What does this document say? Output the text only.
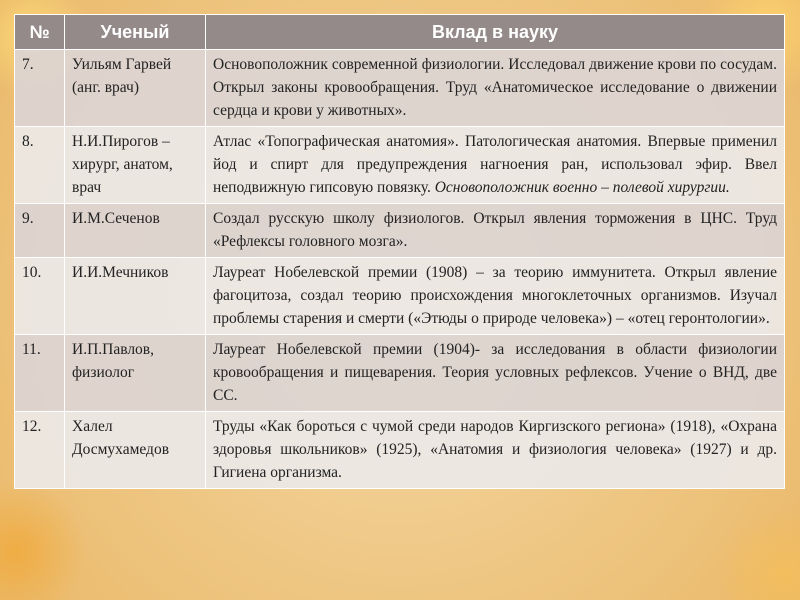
№	Ученый	Вклад в науку
7.	Уильям Гарвей (анг. врач)	Основоположник современной физиологии. Исследовал движение крови по сосудам. Открыл законы кровообращения. Труд «Анатомическое исследование о движении сердца и крови у животных».
8.	Н.И.Пирогов – хирург, анатом, врач	Атлас «Топографическая анатомия». Патологическая анатомия. Впервые применил йод и спирт для предупреждения нагноения ран, использовал эфир. Ввел неподвижную гипсовую повязку. Основоположник военно – полевой хирургии.
9.	И.М.Сеченов	Создал русскую школу физиологов. Открыл явления торможения в ЦНС. Труд «Рефлексы головного мозга».
10.	И.И.Мечников	Лауреат Нобелевской премии (1908) – за теорию иммунитета. Открыл явление фагоцитоза, создал теорию происхождения многоклеточных организмов. Изучал проблемы старения и смерти («Этюды о природе человека») – «отец геронтологии».
11.	И.П.Павлов, физиолог	Лауреат Нобелевской премии (1904)- за исследования в области физиологии кровообращения и пищеварения. Теория условных рефлексов. Учение о ВНД, две СС.
12.	Халел Досмухамедов	Труды «Как бороться с чумой среди народов Киргизского региона» (1918), «Охрана здоровья школьников» (1925), «Анатомия и физиология человека» (1927) и др. Гигиена организма.
